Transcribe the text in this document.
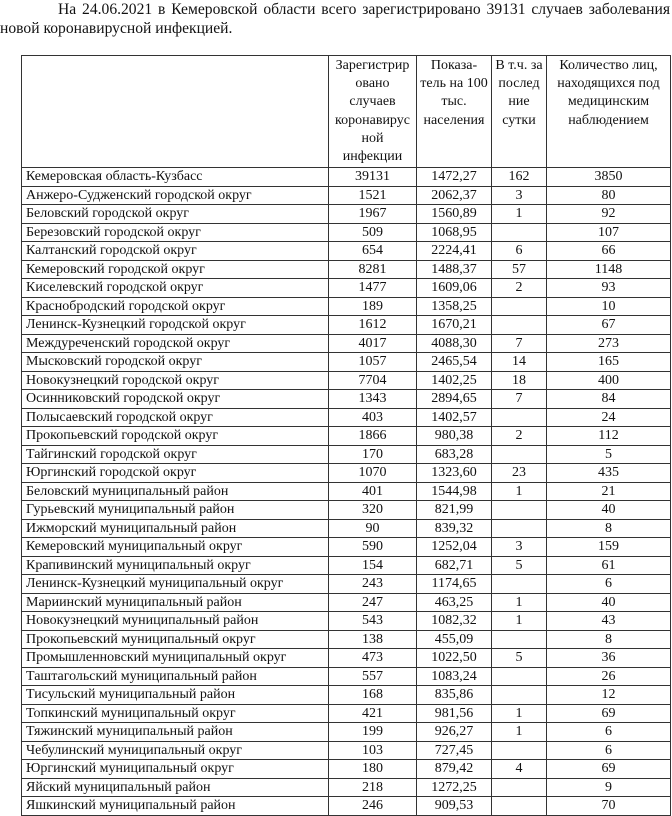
На 24.06.2021 в Кемеровской области всего зарегистрировано 39131 случаев заболевания новой коронавирусной инфекцией.
	Зарегистрир овано случаев коронавирус ной инфекции	Показа- тель на 100 тыс. населения	В т.ч. за послед ние сутки	Количество лиц, находящихся под медицинским наблюдением
Кемеровская область-Кузбасс	39131	1472,27	162	3850
Анжеро-Судженский городской округ	1521	2062,37	3	80
Беловский городской округ	1967	1560,89	1	92
Березовский городской округ	509	1068,95		107
Калтанский городской округ	654	2224,41	6	66
Кемеровский городской округ	8281	1488,37	57	1148
Киселевский городской округ	1477	1609,06	2	93
Краснобродский городской округ	189	1358,25		10
Ленинск-Кузнецкий городской округ	1612	1670,21		67
Междуреченский городской округ	4017	4088,30	7	273
Мысковский городской округ	1057	2465,54	14	165
Новокузнецкий городской округ	7704	1402,25	18	400
Осинниковский городской округ	1343	2894,65	7	84
Полысаевский городской округ	403	1402,57		24
Прокопьевский городской округ	1866	980,38	2	112
Тайгинский городской округ	170	683,28		5
Юргинский городской округ	1070	1323,60	23	435
Беловский муниципальный район	401	1544,98	1	21
Гурьевский муниципальный район	320	821,99		40
Ижморский муниципальный район	90	839,32		8
Кемеровский муниципальный округ	590	1252,04	3	159
Крапивинский муниципальный округ	154	682,71	5	61
Ленинск-Кузнецкий муниципальный округ	243	1174,65		6
Мариинский муниципальный район	247	463,25	1	40
Новокузнецкий муниципальный район	543	1082,32	1	43
Прокопьевский муниципальный округ	138	455,09		8
Промышленновский муниципальный округ	473	1022,50	5	36
Таштагольский муниципальный район	557	1083,24		26
Тисульский муниципальный район	168	835,86		12
Топкинский муниципальный округ	421	981,56	1	69
Тяжинский муниципальный район	199	926,27	1	6
Чебулинский муниципальный округ	103	727,45		6
Юргинский муниципальный округ	180	879,42	4	69
Яйский муниципальный район	218	1272,25		9
Яшкинский муниципальный район	246	909,53		70
